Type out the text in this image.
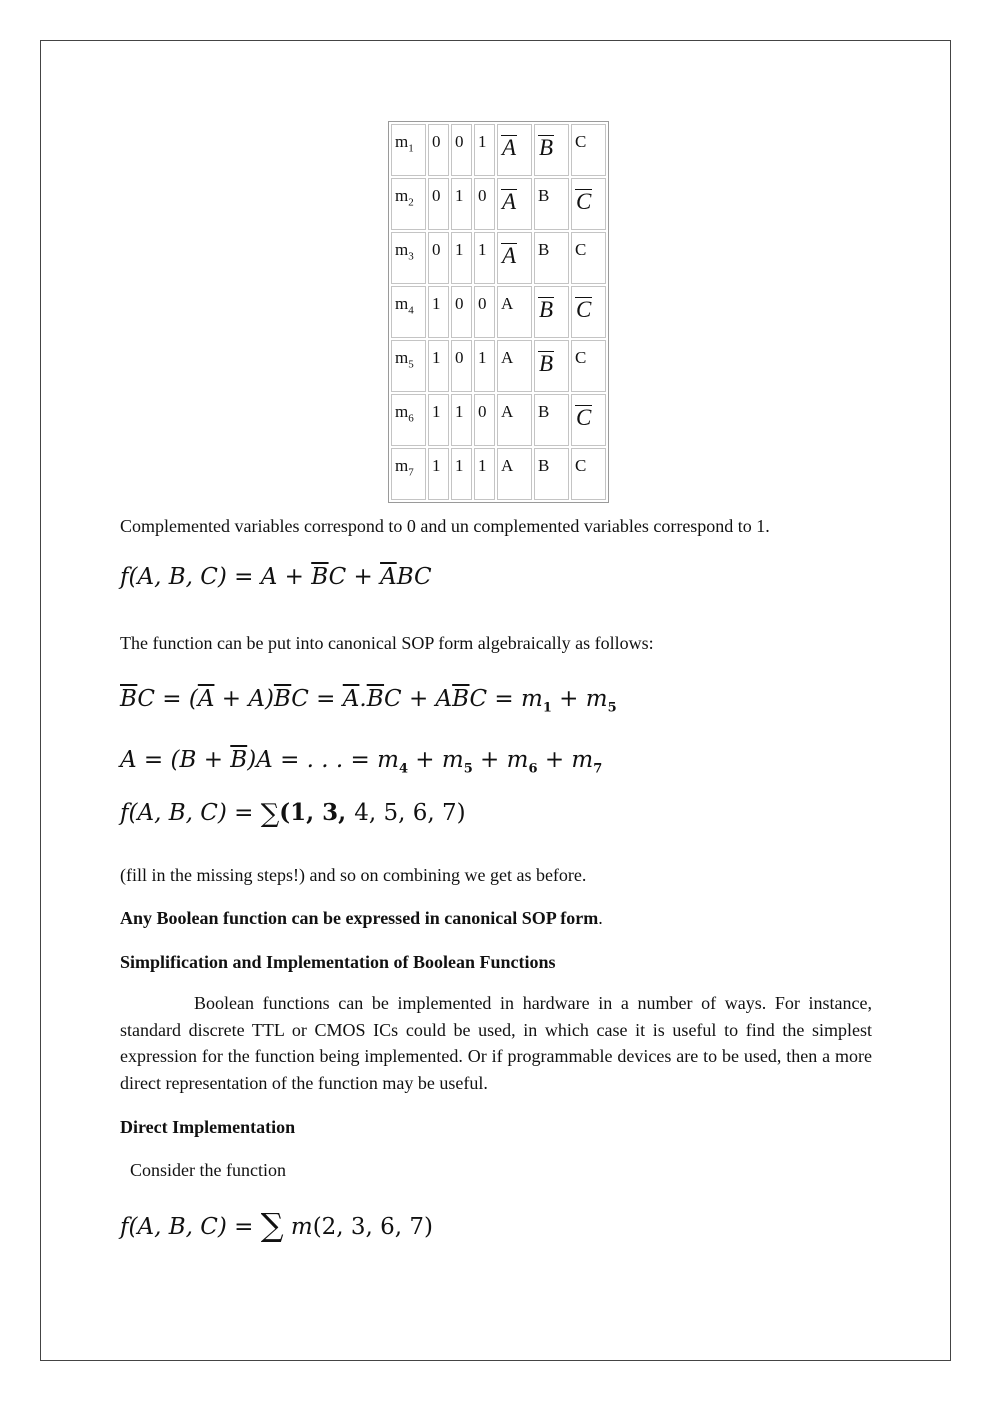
$m_1$	0	0	1	A	B	C
$m_2$	0	1	0	A	B	C
$m_3$	0	1	1	A	B	C
$m_4$	1	0	0	A	B	C
$m_5$	1	0	1	A	B	C
$m_6$	1	1	0	A	B	C
$m_7$	1	1	1	A	B	C
Complemented variables correspond to 0 and un complemented variables correspond to 1.
f(A, B, $C) = A + \overline{B}C + \overline{A}BC$
The function can be put into canonical SOP form algebraically as follows:
$\overline{B}C = (\overline{A} + A)\overline{B}C = \overline{A}.\overline{B}C + A\overline{B}C = m_1 + m_5$
$A = (B + \overline{B})A$ = . . . = $m_4 + m_5 + m_6 + m_7$
f(A, B, C) = ∑(1, 3, 4, 5, 6, 7)
(fill in the missing steps!) and so on combining we get as before.
Any Boolean function can be expressed in canonical SOP form.
Simplification and Implementation of Boolean Functions

Boolean functions can be implemented in hardware in a number of ways. For instance, standard discrete TTL or CMOS ICs could be used, in which case it is useful to find the simplest expression for the function being implemented. Or if programmable devices are to be used, then a more direct representation of the function may be useful.

Direct Implementation
Consider the function
f(A, B, C) = ∑ m(2, 3, 6, 7)
